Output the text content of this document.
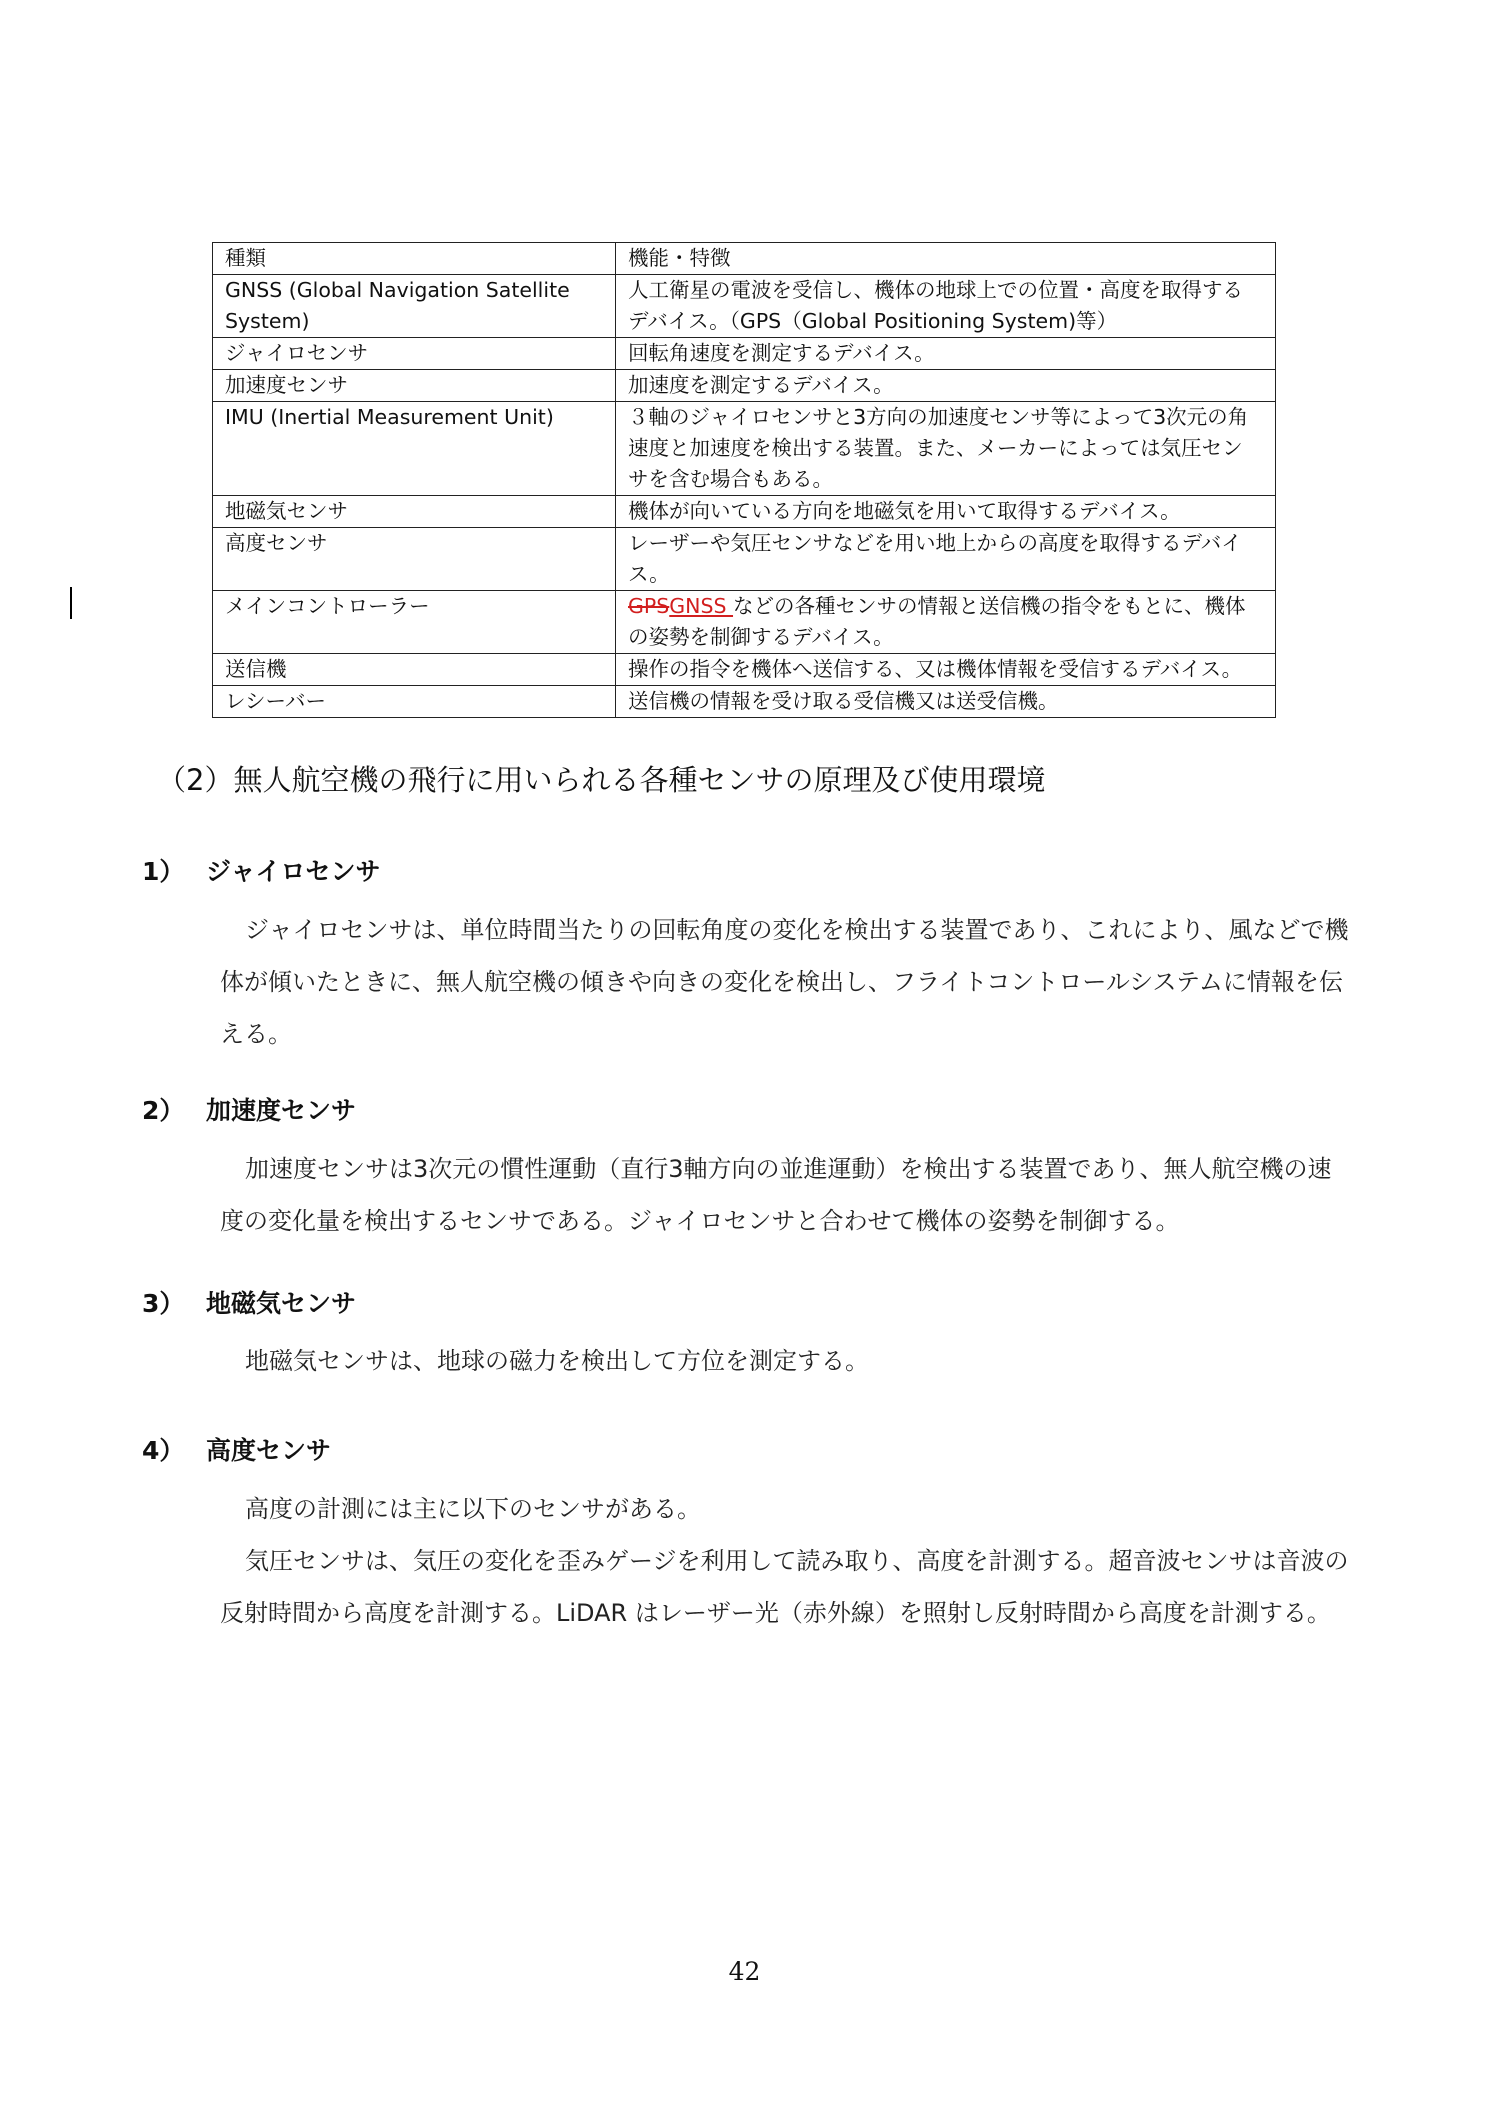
種類	機能・特徴
GNSS (Global Navigation Satellite System)	人工衛星の電波を受信し、機体の地球上での位置・高度を取得するデバイス。（GPS（Global Positioning System)等）
ジャイロセンサ	回転角速度を測定するデバイス。
加速度センサ	加速度を測定するデバイス。
IMU (Inertial Measurement Unit)	３軸のジャイロセンサと3方向の加速度センサ等によって3次元の角速度と加速度を検出する装置。また、メーカーによっては気圧センサを含む場合もある。
地磁気センサ	機体が向いている方向を地磁気を用いて取得するデバイス。
高度センサ	レーザーや気圧センサなどを用い地上からの高度を取得するデバイス。
メインコントローラー	GPSGNSS などの各種センサの情報と送信機の指令をもとに、機体の姿勢を制御するデバイス。
送信機	操作の指令を機体へ送信する、又は機体情報を受信するデバイス。
レシーバー	送信機の情報を受け取る受信機又は送受信機。
（2）無人航空機の飛行に用いられる各種センサの原理及び使用環境
1） ジャイロセンサ

ジャイロセンサは、単位時間当たりの回転角度の変化を検出する装置であり、これにより、風などで機体が傾いたときに、無人航空機の傾きや向きの変化を検出し、フライトコントロールシステムに情報を伝える。

2） 加速度センサ

加速度センサは3次元の慣性運動（直行3軸方向の並進運動）を検出する装置であり、無人航空機の速度の変化量を検出するセンサである。ジャイロセンサと合わせて機体の姿勢を制御する。

3） 地磁気センサ

地磁気センサは、地球の磁力を検出して方位を測定する。

4） 高度センサ

高度の計測には主に以下のセンサがある。

気圧センサは、気圧の変化を歪みゲージを利用して読み取り、高度を計測する。超音波センサは音波の反射時間から高度を計測する。LiDAR はレーザー光（赤外線）を照射し反射時間から高度を計測する。

42
